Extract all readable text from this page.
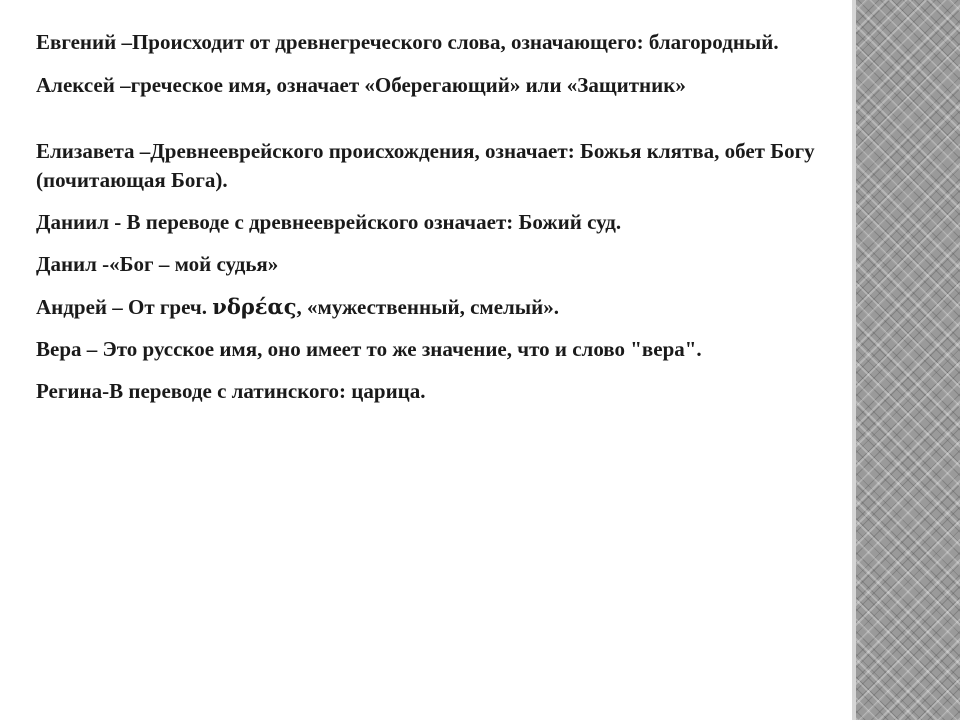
Евгений –Происходит от древнегреческого слова, означающего: благородный.

Алексей –греческое имя, означает «Оберегающий» или «Защитник»

Елизавета –Древнееврейского происхождения, означает: Божья клятва, обет Богу (почитающая Бога).

Даниил - В переводе с древнееврейского означает: Божий суд.

Данил -«Бог – мой судья»

Андрей – От греч. νδρέας, «мужественный, смелый».

Вера – Это русское имя, оно имеет то же значение, что и слово "вера".

Регина-В переводе с латинского: царица.
